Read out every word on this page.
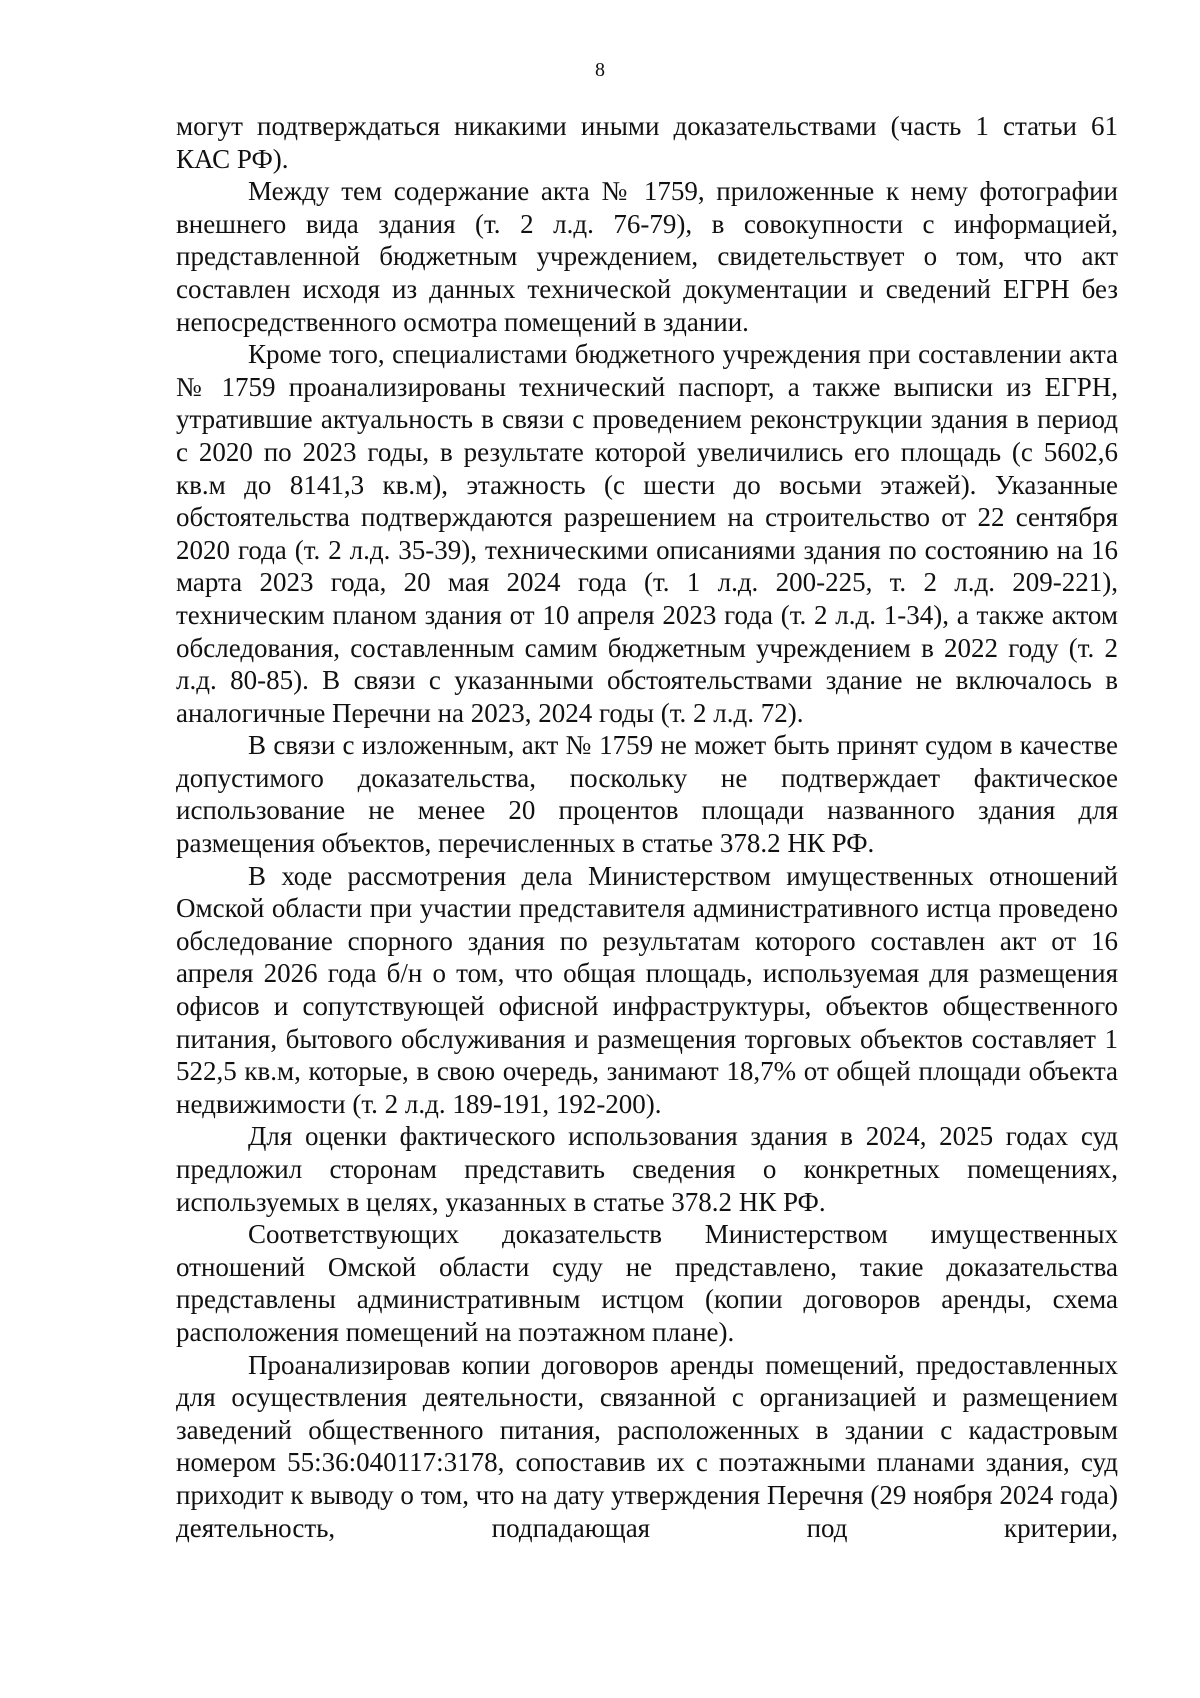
8

могут подтверждаться никакими иными доказательствами (часть 1 статьи 61 КАС РФ).

Между тем содержание акта № 1759, приложенные к нему фотографии внешнего вида здания (т. 2 л.д. 76-79), в совокупности с информацией, представленной бюджетным учреждением, свидетельствует о том, что акт составлен исходя из данных технической документации и сведений ЕГРН без непосредственного осмотра помещений в здании.

Кроме того, специалистами бюджетного учреждения при составлении акта № 1759 проанализированы технический паспорт, а также выписки из ЕГРН, утратившие актуальность в связи с проведением реконструкции здания в период с 2020 по 2023 годы, в результате которой увеличились его площадь (с 5602,6 кв.м до 8141,3 кв.м), этажность (с шести до восьми этажей). Указанные обстоятельства подтверждаются разрешением на строительство от 22 сентября 2020 года (т. 2 л.д. 35-39), техническими описаниями здания по состоянию на 16 марта 2023 года, 20 мая 2024 года (т. 1 л.д. 200-225, т. 2 л.д. 209-221), техническим планом здания от 10 апреля 2023 года (т. 2 л.д. 1-34), а также актом обследования, составленным самим бюджетным учреждением в 2022 году (т. 2 л.д. 80-85). В связи с указанными обстоятельствами здание не включалось в аналогичные Перечни на 2023, 2024 годы (т. 2 л.д. 72).

В связи с изложенным, акт № 1759 не может быть принят судом в качестве допустимого доказательства, поскольку не подтверждает фактическое использование не менее 20 процентов площади названного здания для размещения объектов, перечисленных в статье 378.2 НК РФ.

В ходе рассмотрения дела Министерством имущественных отношений Омской области при участии представителя административного истца проведено обследование спорного здания по результатам которого составлен акт от 16 апреля 2026 года б/н о том, что общая площадь, используемая для размещения офисов и сопутствующей офисной инфраструктуры, объектов общественного питания, бытового обслуживания и размещения торговых объектов составляет 1 522,5 кв.м, которые, в свою очередь, занимают 18,7% от общей площади объекта недвижимости (т. 2 л.д. 189-191, 192-200).

Для оценки фактического использования здания в 2024, 2025 годах суд предложил сторонам представить сведения о конкретных помещениях, используемых в целях, указанных в статье 378.2 НК РФ.

Соответствующих доказательств Министерством имущественных отношений Омской области суду не представлено, такие доказательства представлены административным истцом (копии договоров аренды, схема расположения помещений на поэтажном плане).

Проанализировав копии договоров аренды помещений, предоставленных для осуществления деятельности, связанной с организацией и размещением заведений общественного питания, расположенных в здании с кадастровым номером 55:36:040117:3178, сопоставив их с поэтажными планами здания, суд приходит к выводу о том, что на дату утверждения Перечня (29 ноября 2024 года) деятельность, подпадающая под критерии,
